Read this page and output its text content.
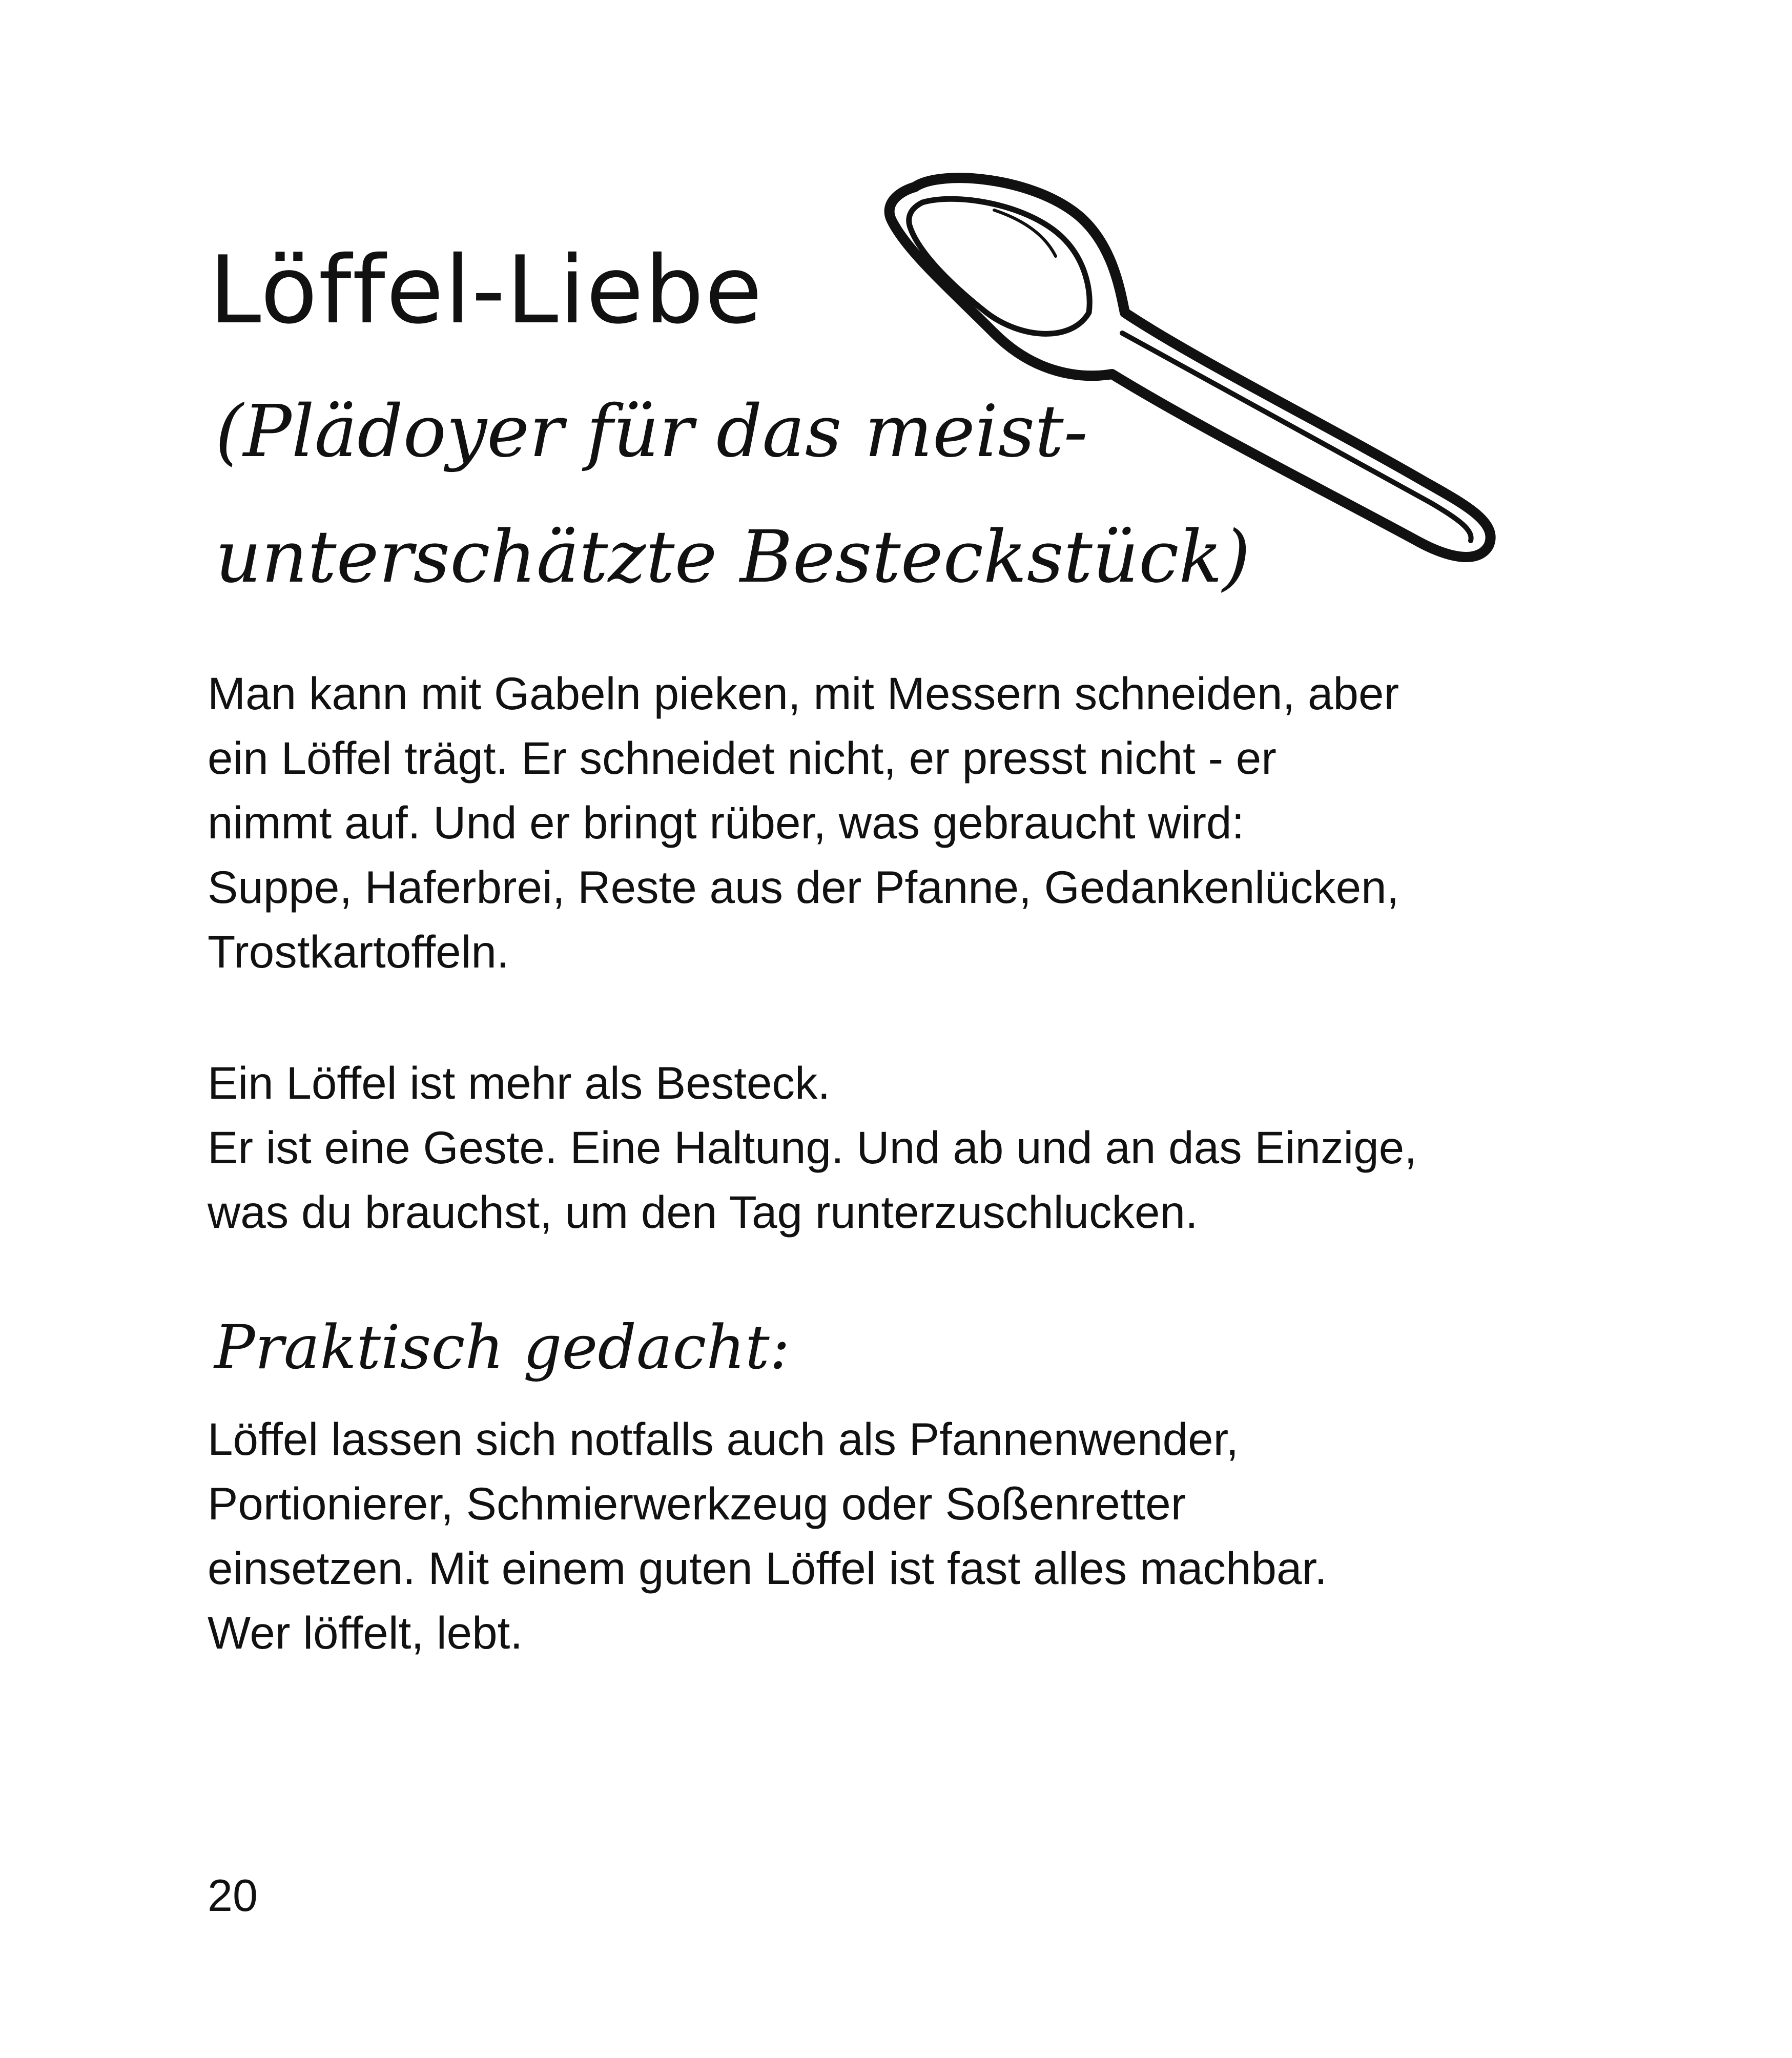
Löffel-Liebe
(Plädoyer für das meist-
unterschätzte Besteckstück)

Man kann mit Gabeln pieken, mit Messern schneiden, aber
ein Löffel trägt. Er schneidet nicht, er presst nicht - er
nimmt auf. Und er bringt rüber, was gebraucht wird:
Suppe, Haferbrei, Reste aus der Pfanne, Gedankenlücken,
Trostkartoffeln.

Ein Löffel ist mehr als Besteck.
Er ist eine Geste. Eine Haltung. Und ab und an das Einzige,
was du brauchst, um den Tag runterzuschlucken.

Praktisch gedacht:

Löffel lassen sich notfalls auch als Pfannenwender,
Portionierer, Schmierwerkzeug oder Soßenretter
einsetzen. Mit einem guten Löffel ist fast alles machbar.
Wer löffelt, lebt.

20
